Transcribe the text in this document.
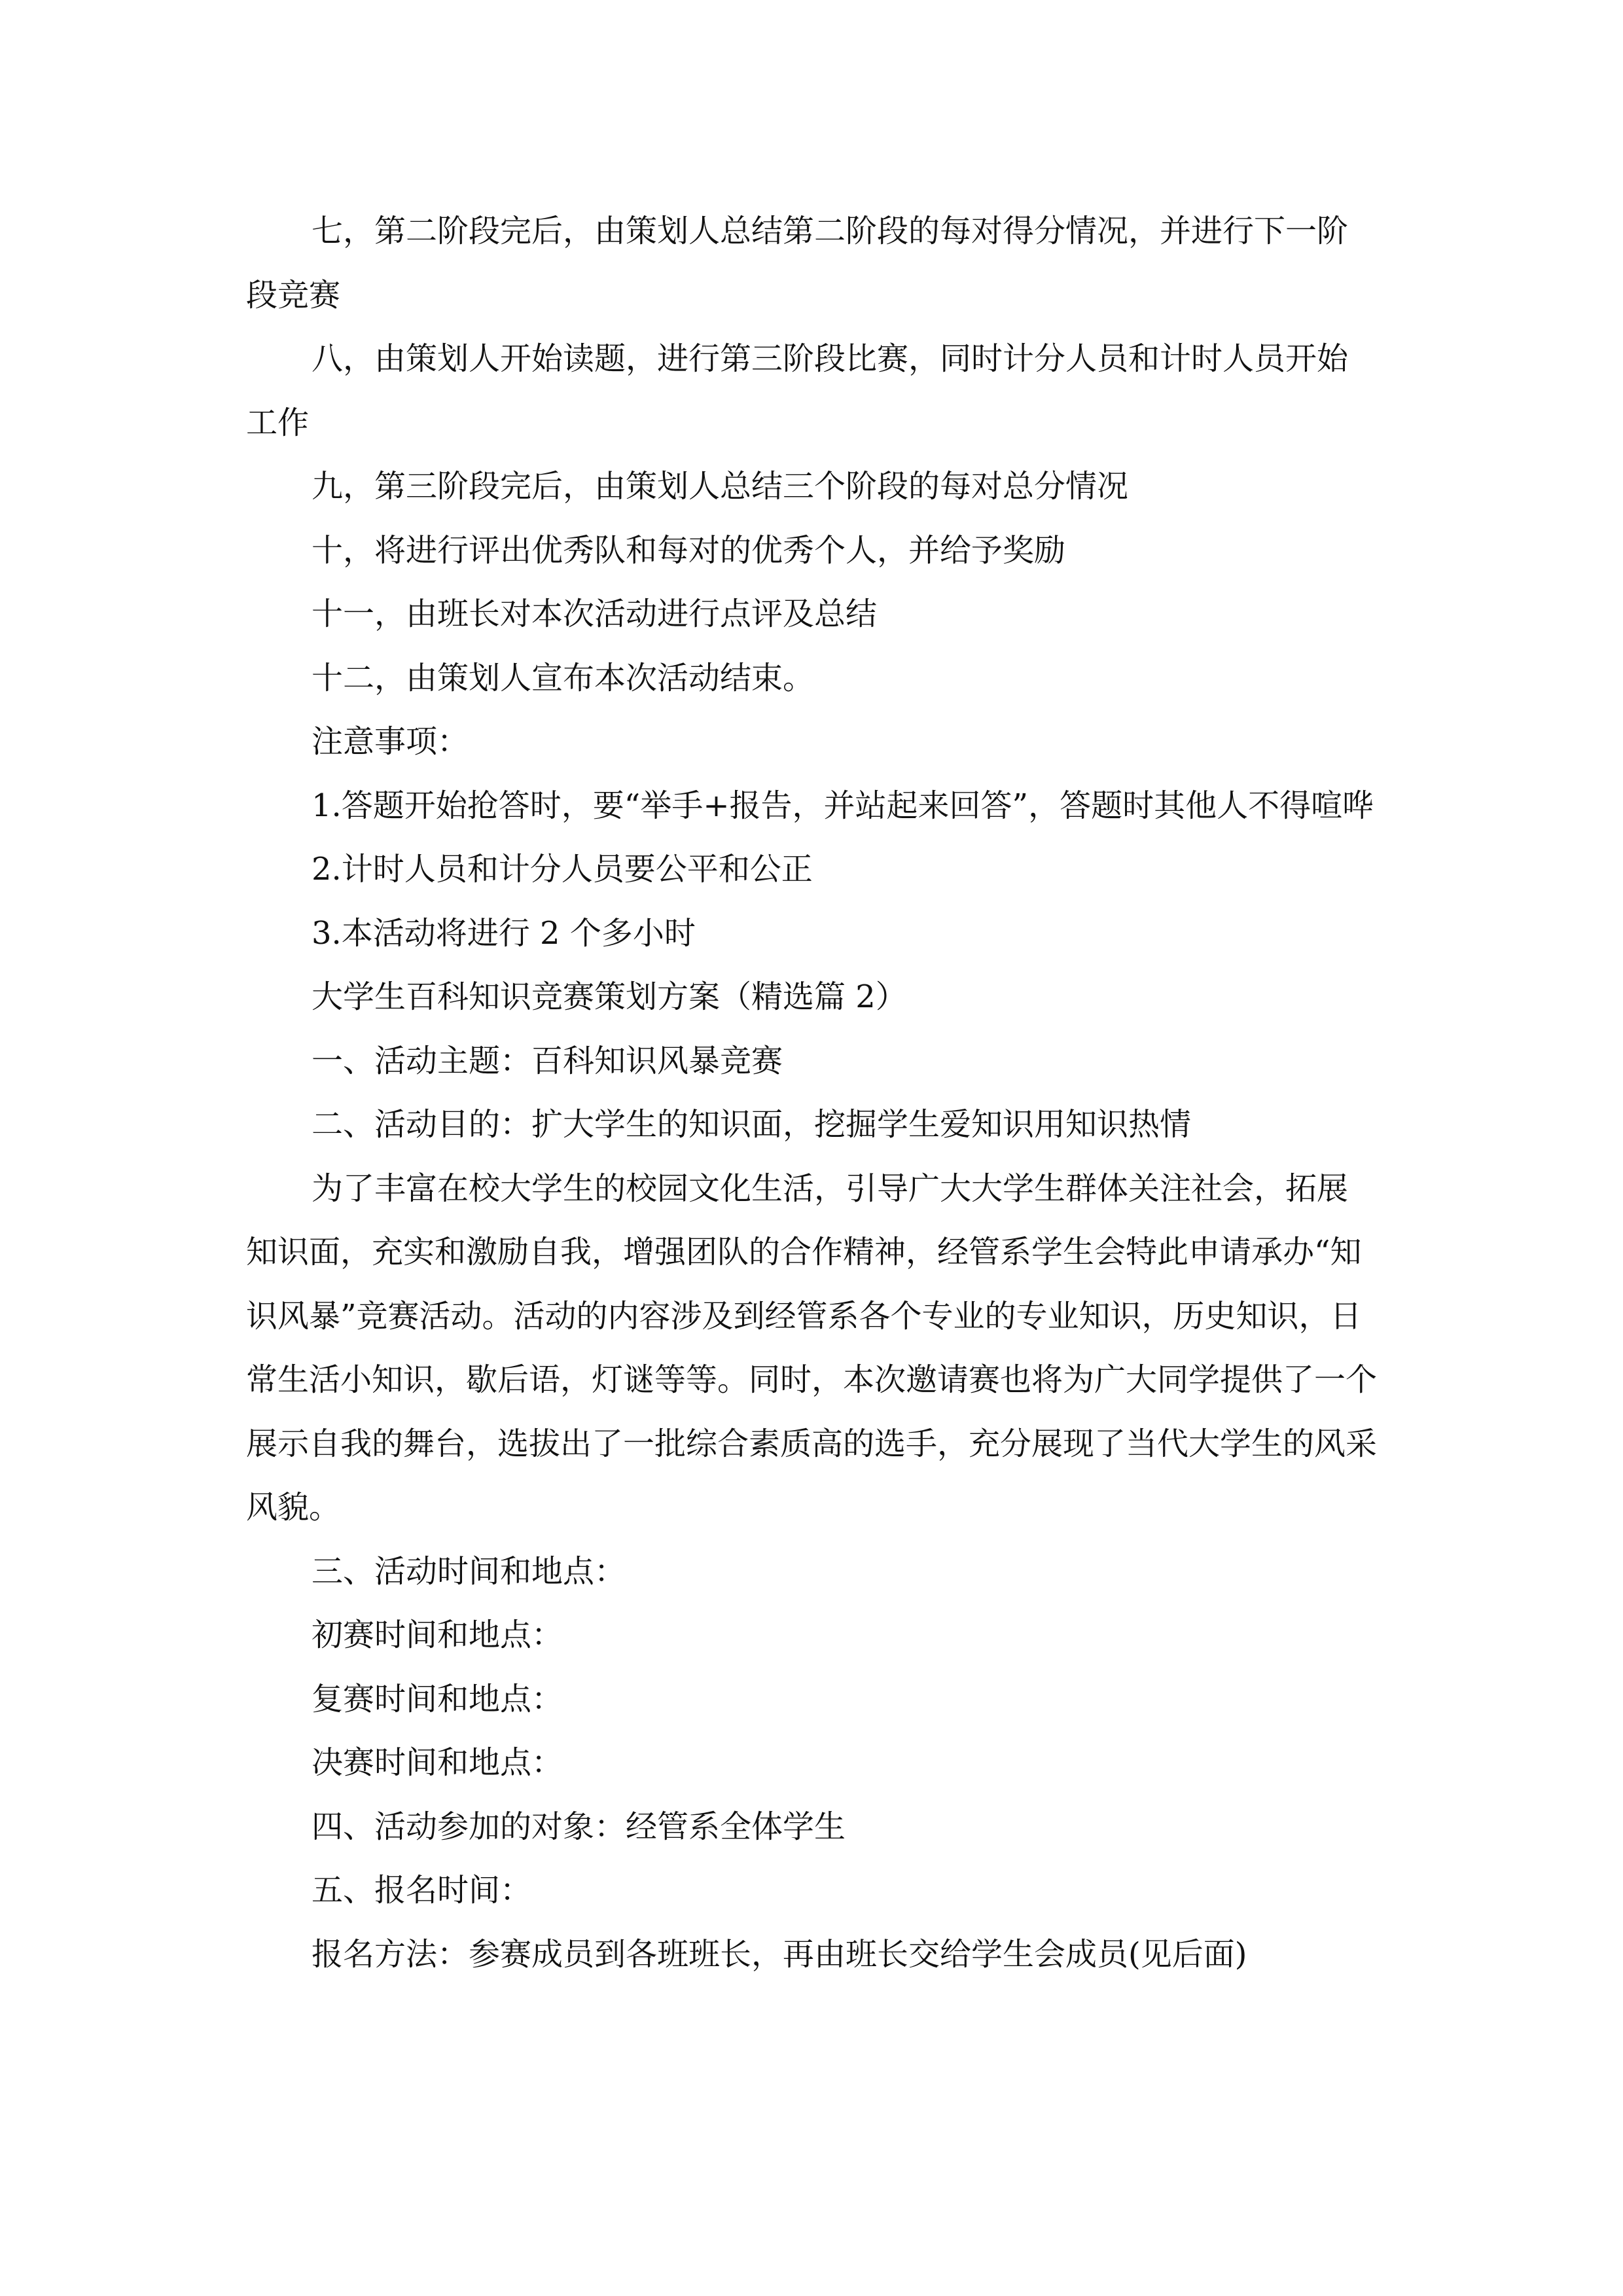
七，第二阶段完后，由策划人总结第二阶段的每对得分情况，并进行下一阶段竞赛

八，由策划人开始读题，进行第三阶段比赛，同时计分人员和计时人员开始工作

九，第三阶段完后，由策划人总结三个阶段的每对总分情况

十，将进行评出优秀队和每对的优秀个人，并给予奖励

十一，由班长对本次活动进行点评及总结

十二，由策划人宣布本次活动结束。

注意事项：

1.答题开始抢答时，要“举手+报告，并站起来回答”，答题时其他人不得喧哗

2.计时人员和计分人员要公平和公正

3.本活动将进行 2 个多小时

大学生百科知识竞赛策划方案（精选篇 2）

一、活动主题：百科知识风暴竞赛

二、活动目的：扩大学生的知识面，挖掘学生爱知识用知识热情

为了丰富在校大学生的校园文化生活，引导广大大学生群体关注社会，拓展知识面，充实和激励自我，增强团队的合作精神，经管系学生会特此申请承办“知识风暴”竞赛活动。活动的内容涉及到经管系各个专业的专业知识，历史知识，日常生活小知识，歇后语，灯谜等等。同时，本次邀请赛也将为广大同学提供了一个展示自我的舞台，选拔出了一批综合素质高的选手，充分展现了当代大学生的风采风貌。

三、活动时间和地点：

初赛时间和地点：

复赛时间和地点：

决赛时间和地点：

四、活动参加的对象：经管系全体学生

五、报名时间：

报名方法：参赛成员到各班班长，再由班长交给学生会成员(见后面)
